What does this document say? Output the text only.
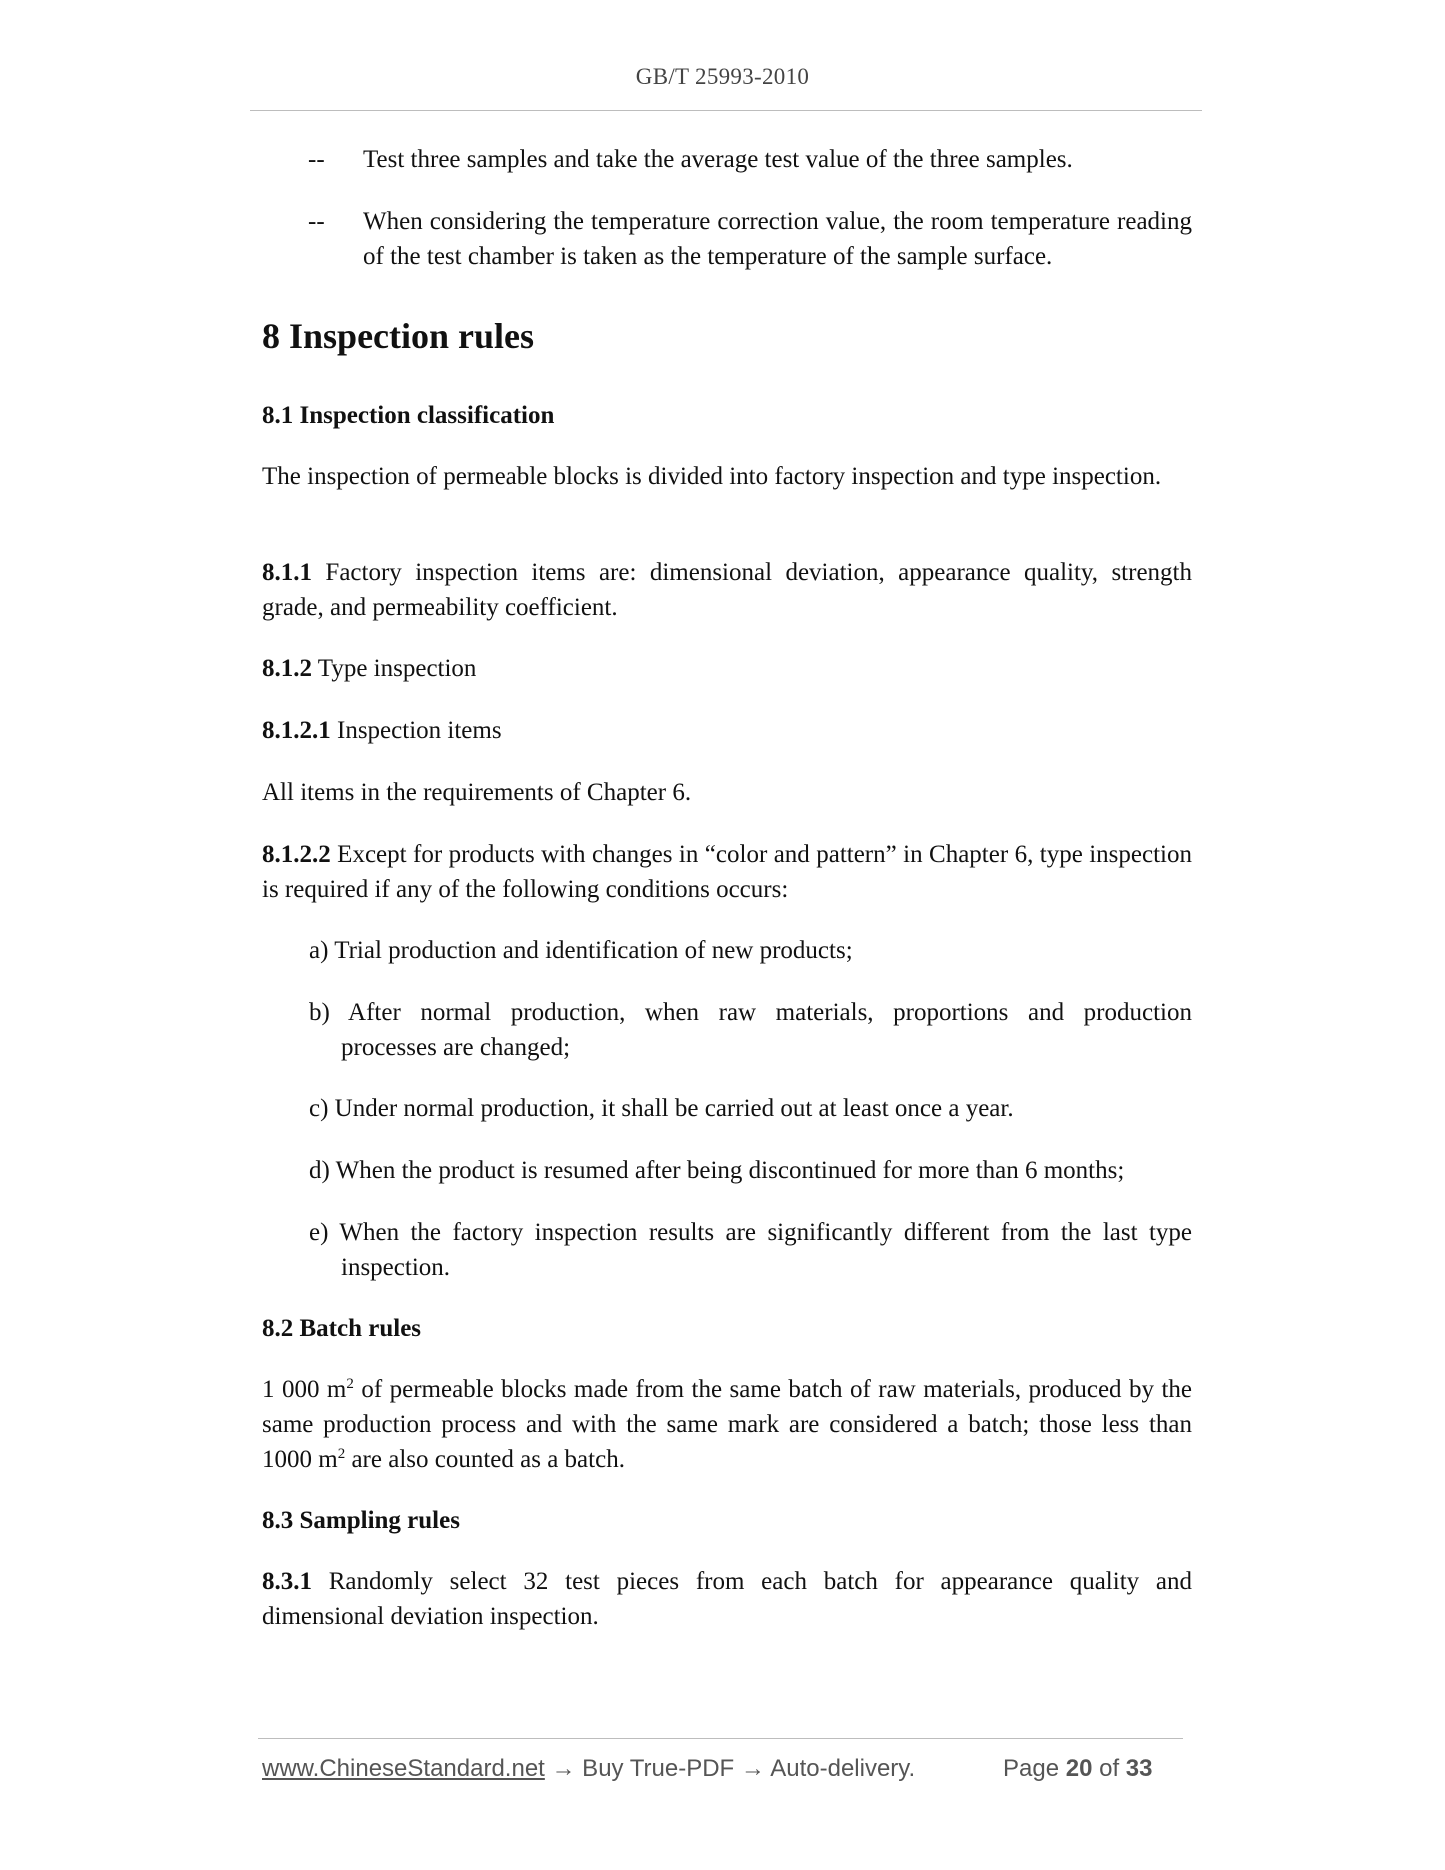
GB/T 25993-2010
-- Test three samples and take the average test value of the three samples.
-- When considering the temperature correction value, the room temperature reading of the test chamber is taken as the temperature of the sample surface.
8 Inspection rules
8.1 Inspection classification
The inspection of permeable blocks is divided into factory inspection and type inspection.
8.1.1 Factory inspection items are: dimensional deviation, appearance quality, strength grade, and permeability coefficient.
8.1.2 Type inspection
8.1.2.1 Inspection items
All items in the requirements of Chapter 6.
8.1.2.2 Except for products with changes in “color and pattern” in Chapter 6, type inspection is required if any of the following conditions occurs:
a) Trial production and identification of new products;
b) After normal production, when raw materials, proportions and production
processes are changed;
c) Under normal production, it shall be carried out at least once a year.
d) When the product is resumed after being discontinued for more than 6 months;
e) When the factory inspection results are significantly different from the last type
inspection.
8.2 Batch rules
1 000 $m^2$ of permeable blocks made from the same batch of raw materials, produced by the same production process and with the same mark are considered a batch; those less than 1000 $m^2$ are also counted as a batch.
8.3 Sampling rules
8.3.1 Randomly select 32 test pieces from each batch for appearance quality and dimensional deviation inspection.
www.ChineseStandard.net → Buy True-PDF → Auto-delivery.	Page 20 of 33
